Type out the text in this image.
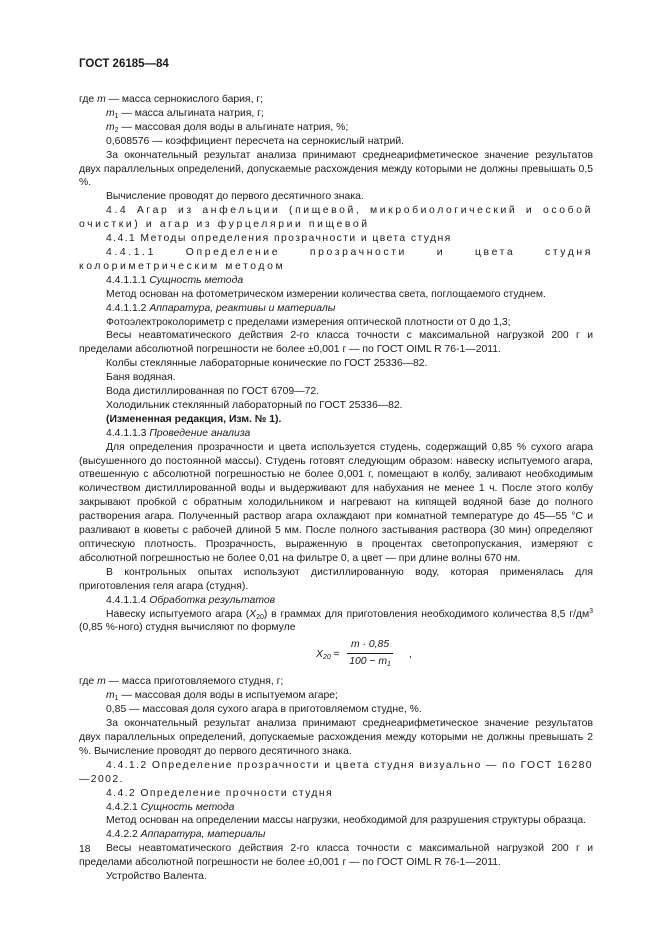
ГОСТ 26185—84

где m — масса сернокислого бария, г;

$m_1$ — масса альгината натрия, г;

$m_2$ — массовая доля воды в альгинате натрия, %;

0,608576 — коэффициент пересчета на сернокислый натрий.

За окончательный результат анализа принимают среднеарифметическое значение результатов двух параллельных определений, допускаемые расхождения между которыми не должны превышать 0,5 %.

Вычисление проводят до первого десятичного знака.

4.4 Агар из анфельции (пищевой, микробиологический и особой очистки) и агар из фурцелярии пищевой

4.4.1 Методы определения прозрачности и цвета студня

4.4.1.1 Определение прозрачности и цвета студня колориметрическим методом

4.4.1.1.1 Сущность метода

Метод основан на фотометрическом измерении количества света, поглощаемого студнем.

4.4.1.1.2 Аппаратура, реактивы и материалы

Фотоэлектроколориметр с пределами измерения оптической плотности от 0 до 1,3;

Весы неавтоматического действия 2-го класса точности с максимальной нагрузкой 200 г и пределами абсолютной погрешности не более ±0,001 г — по ГОСТ OIML R 76-1—2011.

Колбы стеклянные лабораторные конические по ГОСТ 25336—82.

Баня водяная.

Вода дистиллированная по ГОСТ 6709—72.

Холодильник стеклянный лабораторный по ГОСТ 25336—82.

(Измененная редакция, Изм. № 1).

4.4.1.1.3 Проведение анализа

Для определения прозрачности и цвета используется студень, содержащий 0,85 % сухого агара (высушенного до постоянной массы). Студень готовят следующим образом: навеску испытуемого агара, отвешенную с абсолютной погрешностью не более 0,001 г, помещают в колбу, заливают необходимым количеством дистиллированной воды и выдерживают для набухания не менее 1 ч. После этого колбу закрывают пробкой с обратным холодильником и нагревают на кипящей водяной базе до полного растворения агара. Полученный раствор агара охлаждают при комнатной температуре до 45—55 °С и разливают в кюветы с рабочей длиной 5 мм. После полного застывания раствора (30 мин) определяют оптическую плотность. Прозрачность, выраженную в процентах светопропускания, измеряют с абсолютной погрешностью не более 0,01 на фильтре 0, а цвет — при длине волны 670 нм.

В контрольных опытах используют дистиллированную воду, которая применялась для приготовления геля агара (студня).

4.4.1.1.4 Обработка результатов

Навеску испытуемого агара $(X_{20})$ в граммах для приготовления необходимого количества 8,5 $г/дм^3$ (0,85 %-ного) студня вычисляют по формуле

$X_{20} = \frac{m \cdot 0,85}{100 - m_1}$ ,

где m — масса приготовляемого студня, г;

$m_1$ — массовая доля воды в испытуемом агаре;

0,85 — массовая доля сухого агара в приготовляемом студне, %.

За окончательный результат анализа принимают среднеарифметическое значение результатов двух параллельных определений, допускаемые расхождения между которыми не должны превышать 2 %. Вычисление проводят до первого десятичного знака.

4.4.1.2 Определение прозрачности и цвета студня визуально — по ГОСТ 16280—2002.

4.4.2 Определение прочности студня

4.4.2.1 Сущность метода

Метод основан на определении массы нагрузки, необходимой для разрушения структуры образца.

4.4.2.2 Аппаратура, материалы

Весы неавтоматического действия 2-го класса точности с максимальной нагрузкой 200 г и пределами абсолютной погрешности не более ±0,001 г — по ГОСТ OIML R 76-1—2011.

Устройство Валента.

18
